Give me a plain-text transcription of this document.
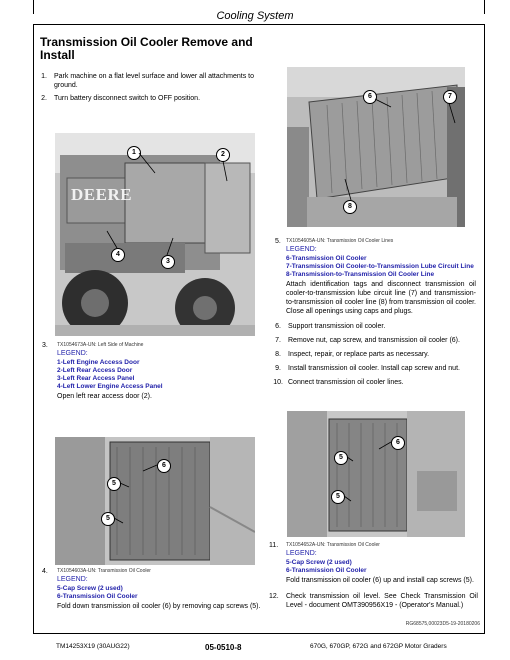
Cooling System
Transmission Oil Cooler Remove and Install
1. Park machine on a flat level surface and lower all attachments to ground.
2. Turn battery disconnect switch to OFF position.
DEERE
1	2
3
4
3. TX1054673A-UN: Left Side of Machine
LEGEND:
1-Left Engine Access Door
2-Left Rear Access Door
3-Left Rear Access Panel
4-Left Lower Engine Access Panel
Open left rear access door (2).
6	7
8
5. TX1054605A-UN: Transmission Oil Cooler Lines
LEGEND:
6-Transmission Oil Cooler
7-Transmission Oil Cooler-to-Transmission Lube Circuit Line
8-Transmission-to-Transmission Oil Cooler Line
Attach identification tags and disconnect transmission oil cooler-to-transmission lube circuit line (7) and transmission-to-transmission oil cooler line (8) from transmission oil cooler. Close all openings using caps and plugs.
6. Support transmission oil cooler.
7. Remove nut, cap screw, and transmission oil cooler (6).
8. Inspect, repair, or replace parts as necessary.
9. Install transmission oil cooler. Install cap screw and nut.
10. Connect transmission oil cooler lines.
6
5
5
4. TX1054603A-UN: Transmission Oil Cooler
LEGEND:
5-Cap Screw (2 used)
6-Transmission Oil Cooler
Fold down transmission oil cooler (6) by removing cap screws (5).
6
5
5
11. TX1054652A-UN: Transmission Oil Cooler
LEGEND:
5-Cap Screw (2 used)
6-Transmission Oil Cooler
Fold transmission oil cooler (6) up and install cap screws (5).
12. Check transmission oil level. See Check Transmission Oil Level - document OMT390956X19 - (Operator's Manual.)
RG68575,00023D5-19-20180206
TM14253X19 (30AUG22)	05-0510-8	670G, 670GP, 672G and 672GP Motor Graders
